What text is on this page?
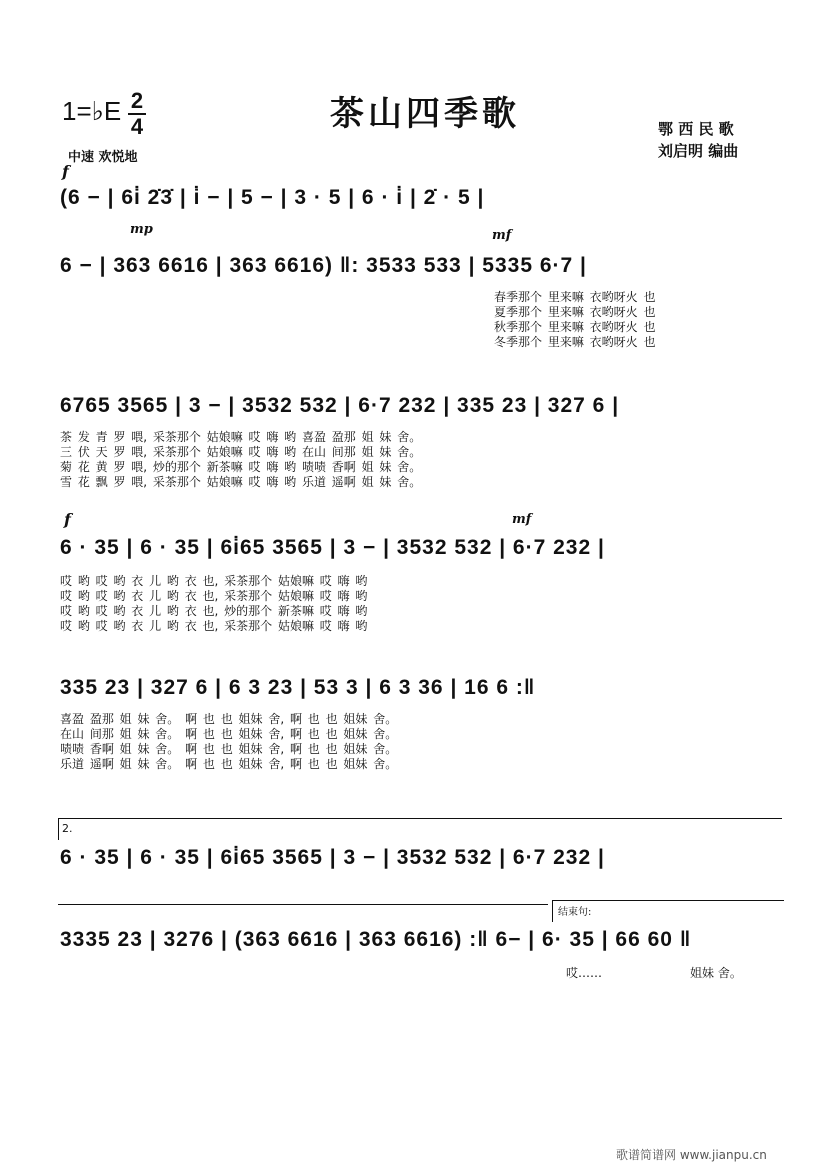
1=♭E 2
4	茶山四季歌
中速 欢悦地
鄂 西 民 歌
刘启明 编曲
f
(6 − | 6i̇ 2̇3̇ | i̇ − | 5 − | 3 · 5 | 6 · i̇ | 2̇ · 5 |
mp	mf
6 − | 363 6616 | 363 6616) ‖: 3533 533 | 5335 6·7 |
春季那个 里来嘛 衣哟呀火 也
夏季那个 里来嘛 衣哟呀火 也
秋季那个 里来嘛 衣哟呀火 也
冬季那个 里来嘛 衣哟呀火 也
6765 3565 | 3 − | 3532 532 | 6·7 232 | 335 23 | 327 6 |
茶 发 青 罗 喂, 采茶那个 姑娘嘛 哎 嗨 哟 喜盈 盈那 姐 妹 舍。
三 伏 天 罗 喂, 采茶那个 姑娘嘛 哎 嗨 哟 在山 间那 姐 妹 舍。
菊 花 黄 罗 喂, 炒的那个 新茶嘛 哎 嗨 哟 啧啧 香啊 姐 妹 舍。
雪 花 飘 罗 喂, 采茶那个 姑娘嘛 哎 嗨 哟 乐道 遥啊 姐 妹 舍。
f	mf
6 · 35 | 6 · 35 | 6i̇65 3565 | 3 − | 3532 532 | 6·7 232 |
哎 哟 哎 哟 衣 儿 哟 衣 也, 采茶那个 姑娘嘛 哎 嗨 哟
哎 哟 哎 哟 衣 儿 哟 衣 也, 采茶那个 姑娘嘛 哎 嗨 哟
哎 哟 哎 哟 衣 儿 哟 衣 也, 炒的那个 新茶嘛 哎 嗨 哟
哎 哟 哎 哟 衣 儿 哟 衣 也, 采茶那个 姑娘嘛 哎 嗨 哟
335 23 | 327 6 | 6 3 23 | 53 3 | 6 3 36 | 16 6 :‖
喜盈 盈那 姐 妹 舍。 啊 也 也 姐妹 舍, 啊 也 也 姐妹 舍。
在山 间那 姐 妹 舍。 啊 也 也 姐妹 舍, 啊 也 也 姐妹 舍。
啧啧 香啊 姐 妹 舍。 啊 也 也 姐妹 舍, 啊 也 也 姐妹 舍。
乐道 遥啊 姐 妹 舍。 啊 也 也 姐妹 舍, 啊 也 也 姐妹 舍。
2.
6 · 35 | 6 · 35 | 6i̇65 3565 | 3 − | 3532 532 | 6·7 232 |
结束句:
3335 23 | 3276 | (363 6616 | 363 6616) :‖ 6− | 6· 35 | 66 60 ‖
哎……	姐妹 舍。
歌谱简谱网 www.jianpu.cn
